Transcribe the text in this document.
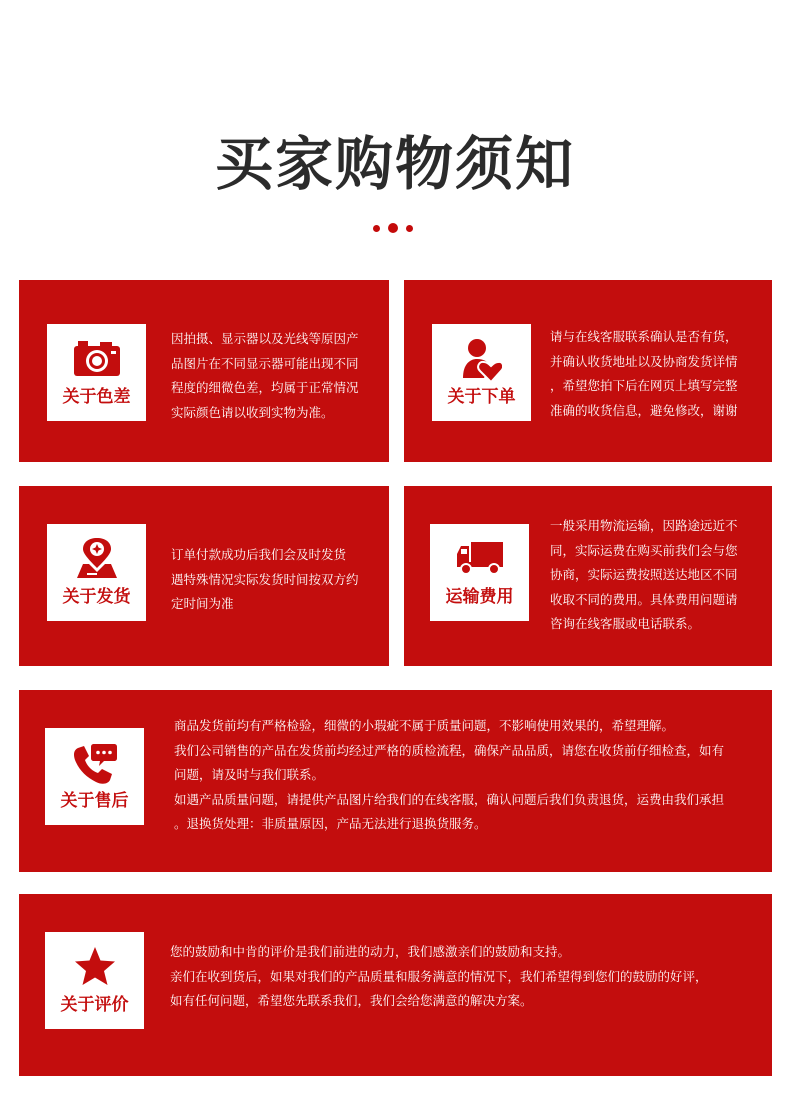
买家购物须知
关于色差
因拍摄、显示器以及光线等原因产
品图片在不同显示器可能出现不同
程度的细微色差，均属于正常情况
实际颜色请以收到实物为准。
关于下单
请与在线客服联系确认是否有货，
并确认收货地址以及协商发货详情
，希望您拍下后在网页上填写完整
准确的收货信息，避免修改，谢谢
关于发货
订单付款成功后我们会及时发货
遇特殊情况实际发货时间按双方约
定时间为准	运输费用
一般采用物流运输，因路途远近不
同，实际运费在购买前我们会与您
协商，实际运费按照送达地区不同
收取不同的费用。具体费用问题请
咨询在线客服或电话联系。
关于售后
商品发货前均有严格检验，细微的小瑕疵不属于质量问题，不影响使用效果的，希望理解。
我们公司销售的产品在发货前均经过严格的质检流程，确保产品品质，请您在收货前仔细检查，如有
问题，请及时与我们联系。
如遇产品质量问题，请提供产品图片给我们的在线客服，确认问题后我们负责退货，运费由我们承担
。退换货处理：非质量原因，产品无法进行退换货服务。
关于评价
您的鼓励和中肯的评价是我们前进的动力，我们感激亲们的鼓励和支持。
亲们在收到货后，如果对我们的产品质量和服务满意的情况下，我们希望得到您们的鼓励的好评，
如有任何问题，希望您先联系我们，我们会给您满意的解决方案。
